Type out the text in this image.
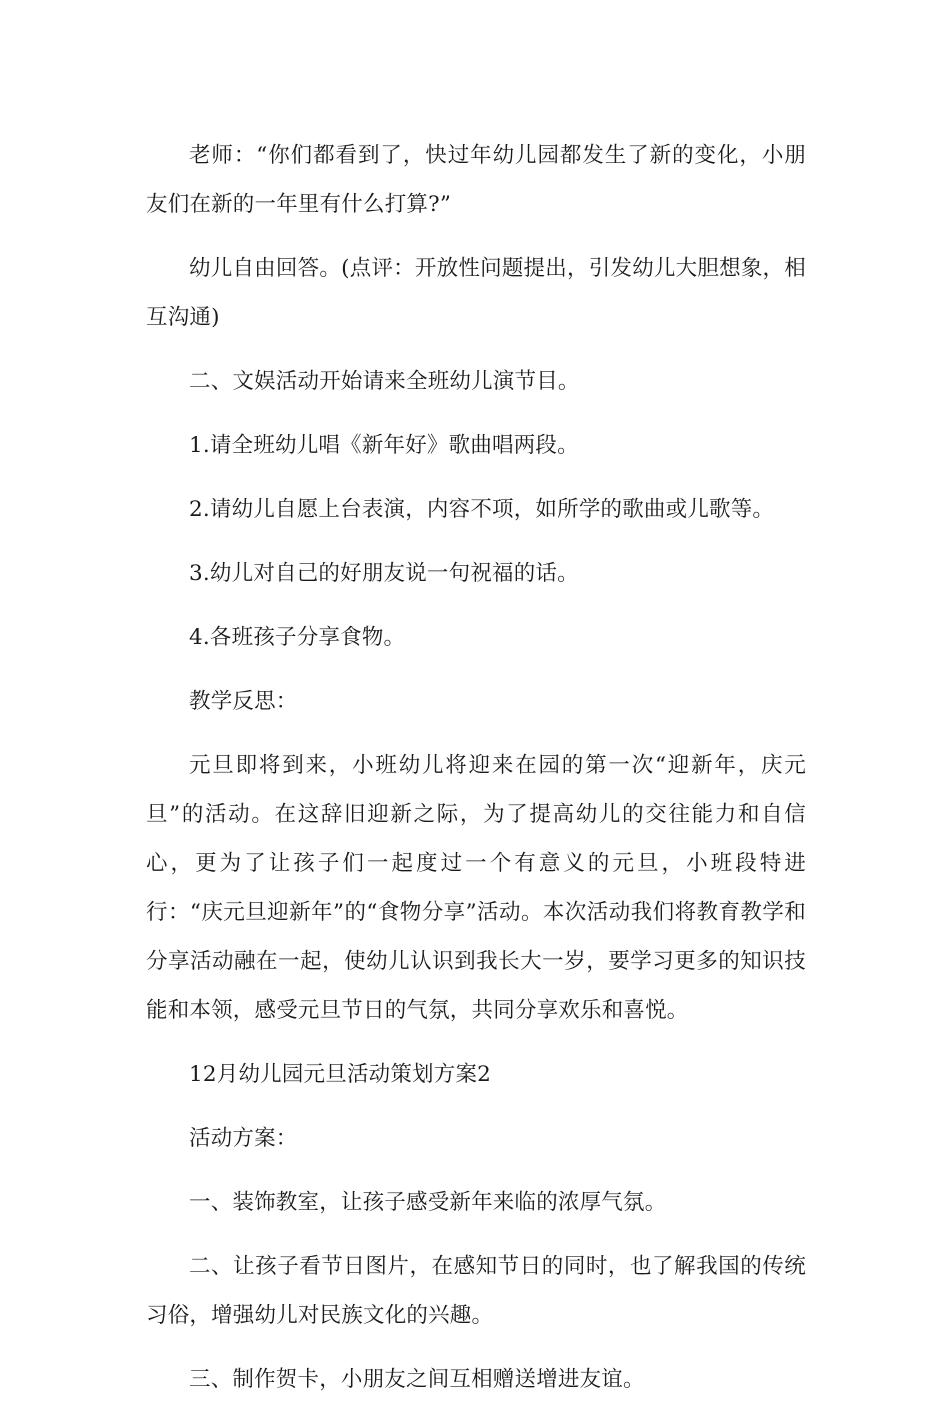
老师：“你们都看到了，快过年幼儿园都发生了新的变化，小朋友们在新的一年里有什么打算?”

幼儿自由回答。(点评：开放性问题提出，引发幼儿大胆想象，相互沟通)

二、文娱活动开始请来全班幼儿演节目。

1.请全班幼儿唱《新年好》歌曲唱两段。

2.请幼儿自愿上台表演，内容不项，如所学的歌曲或儿歌等。

3.幼儿对自己的好朋友说一句祝福的话。

4.各班孩子分享食物。

教学反思：

元旦即将到来，小班幼儿将迎来在园的第一次“迎新年，庆元旦”的活动。在这辞旧迎新之际，为了提高幼儿的交往能力和自信心，更为了让孩子们一起度过一个有意义的元旦，小班段特进行：“庆元旦迎新年”的“食物分享”活动。本次活动我们将教育教学和分享活动融在一起，使幼儿认识到我长大一岁，要学习更多的知识技能和本领，感受元旦节日的气氛，共同分享欢乐和喜悦。

12月幼儿园元旦活动策划方案2

活动方案：

一、装饰教室，让孩子感受新年来临的浓厚气氛。

二、让孩子看节日图片，在感知节日的同时，也了解我国的传统习俗，增强幼儿对民族文化的兴趣。

三、制作贺卡，小朋友之间互相赠送增进友谊。
